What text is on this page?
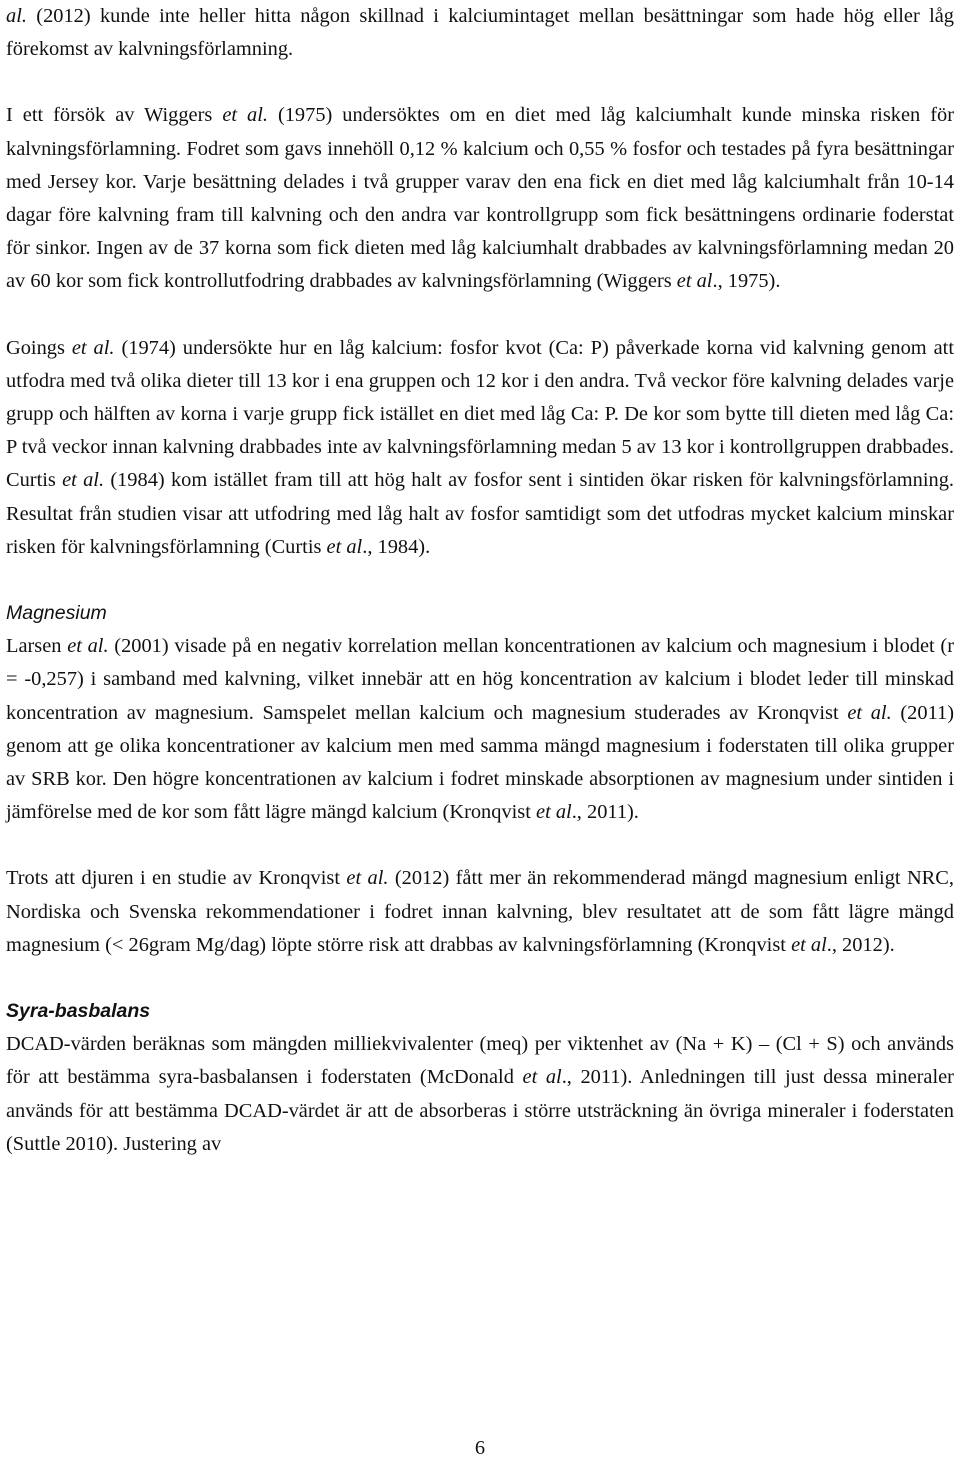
al. (2012) kunde inte heller hitta någon skillnad i kalciumintaget mellan besättningar som hade hög eller låg förekomst av kalvningsförlamning.

I ett försök av Wiggers et al. (1975) undersöktes om en diet med låg kalciumhalt kunde minska risken för kalvningsförlamning. Fodret som gavs innehöll 0,12 % kalcium och 0,55 % fosfor och testades på fyra besättningar med Jersey kor. Varje besättning delades i två grupper varav den ena fick en diet med låg kalciumhalt från 10-14 dagar före kalvning fram till kalvning och den andra var kontrollgrupp som fick besättningens ordinarie foderstat för sinkor. Ingen av de 37 korna som fick dieten med låg kalciumhalt drabbades av kalvningsförlamning medan 20 av 60 kor som fick kontrollutfodring drabbades av kalvningsförlamning (Wiggers et al., 1975).

Goings et al. (1974) undersökte hur en låg kalcium: fosfor kvot (Ca: P) påverkade korna vid kalvning genom att utfodra med två olika dieter till 13 kor i ena gruppen och 12 kor i den andra. Två veckor före kalvning delades varje grupp och hälften av korna i varje grupp fick istället en diet med låg Ca: P. De kor som bytte till dieten med låg Ca: P två veckor innan kalvning drabbades inte av kalvningsförlamning medan 5 av 13 kor i kontrollgruppen drabbades. Curtis et al. (1984) kom istället fram till att hög halt av fosfor sent i sintiden ökar risken för kalvningsförlamning. Resultat från studien visar att utfodring med låg halt av fosfor samtidigt som det utfodras mycket kalcium minskar risken för kalvningsförlamning (Curtis et al., 1984).

Magnesium

Larsen et al. (2001) visade på en negativ korrelation mellan koncentrationen av kalcium och magnesium i blodet (r = -0,257) i samband med kalvning, vilket innebär att en hög koncentration av kalcium i blodet leder till minskad koncentration av magnesium. Samspelet mellan kalcium och magnesium studerades av Kronqvist et al. (2011) genom att ge olika koncentrationer av kalcium men med samma mängd magnesium i foderstaten till olika grupper av SRB kor. Den högre koncentrationen av kalcium i fodret minskade absorptionen av magnesium under sintiden i jämförelse med de kor som fått lägre mängd kalcium (Kronqvist et al., 2011).

Trots att djuren i en studie av Kronqvist et al. (2012) fått mer än rekommenderad mängd magnesium enligt NRC, Nordiska och Svenska rekommendationer i fodret innan kalvning, blev resultatet att de som fått lägre mängd magnesium (< 26gram Mg/dag) löpte större risk att drabbas av kalvningsförlamning (Kronqvist et al., 2012).

Syra-basbalans

DCAD-värden beräknas som mängden milliekvivalenter (meq) per viktenhet av (Na + K) – (Cl + S) och används för att bestämma syra-basbalansen i foderstaten (McDonald et al., 2011). Anledningen till just dessa mineraler används för att bestämma DCAD-värdet är att de absorberas i större utsträckning än övriga mineraler i foderstaten (Suttle 2010). Justering av

6
